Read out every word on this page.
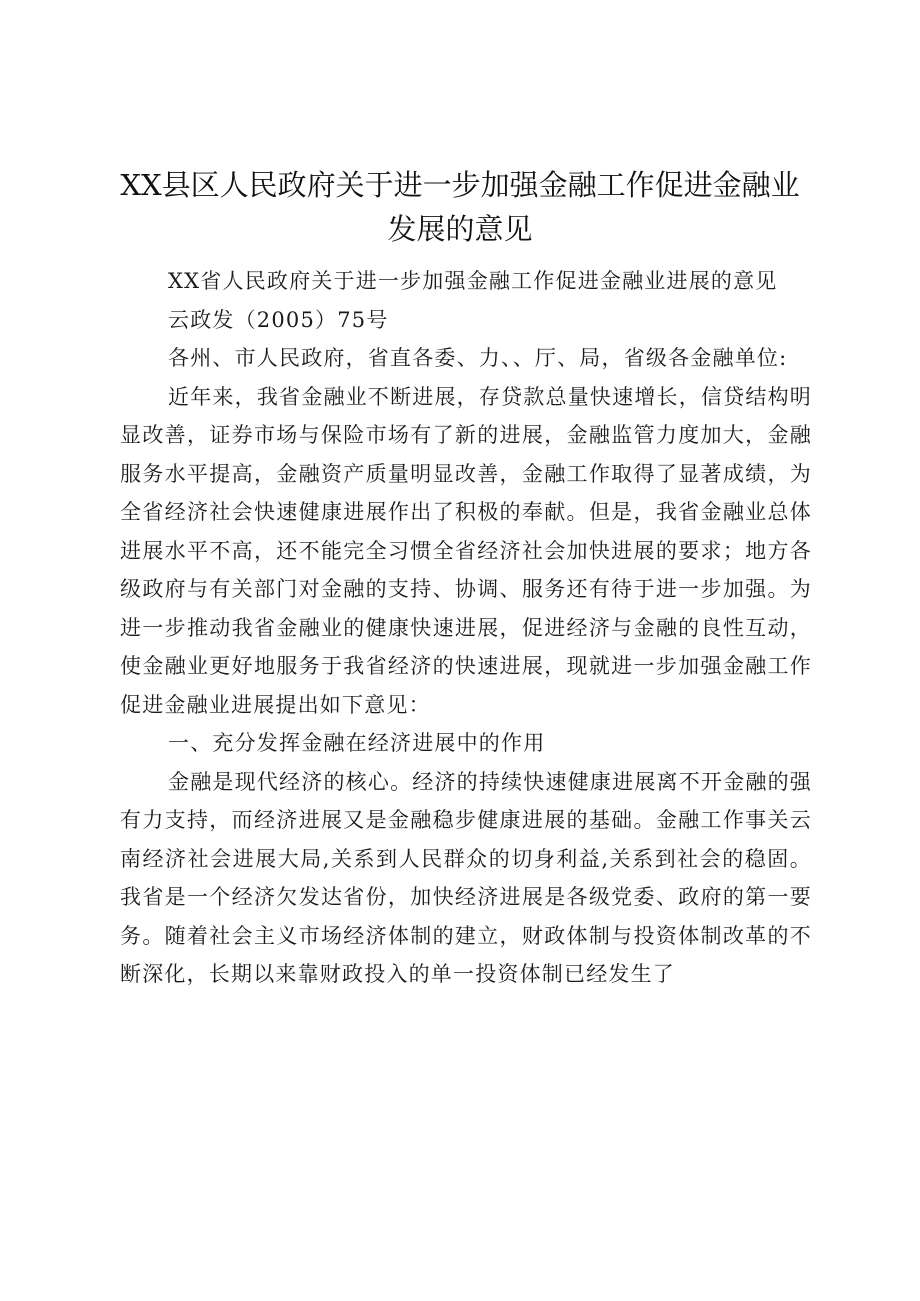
XX县区人民政府关于进一步加强金融工作促进金融业发展的意见

XX省人民政府关于进一步加强金融工作促进金融业进展的意见

云政发（2005）75号

各州、市人民政府，省直各委、力、、厅、局，省级各金融单位:

近年来，我省金融业不断进展，存贷款总量快速增长，信贷结构明显改善，证券市场与保险市场有了新的进展，金融监管力度加大，金融服务水平提高，金融资产质量明显改善，金融工作取得了显著成绩，为全省经济社会快速健康进展作出了积极的奉献。但是，我省金融业总体进展水平不高，还不能完全习惯全省经济社会加快进展的要求；地方各级政府与有关部门对金融的支持、协调、服务还有待于进一步加强。为进一步推动我省金融业的健康快速进展，促进经济与金融的良性互动，使金融业更好地服务于我省经济的快速进展，现就进一步加强金融工作促进金融业进展提出如下意见：

一、充分发挥金融在经济进展中的作用

金融是现代经济的核心。经济的持续快速健康进展离不开金融的强有力支持，而经济进展又是金融稳步健康进展的基础。金融工作事关云南经济社会进展大局,关系到人民群众的切身利益,关系到社会的稳固。我省是一个经济欠发达省份，加快经济进展是各级党委、政府的第一要务。随着社会主义市场经济体制的建立，财政体制与投资体制改革的不断深化，长期以来靠财政投入的单一投资体制已经发生了
